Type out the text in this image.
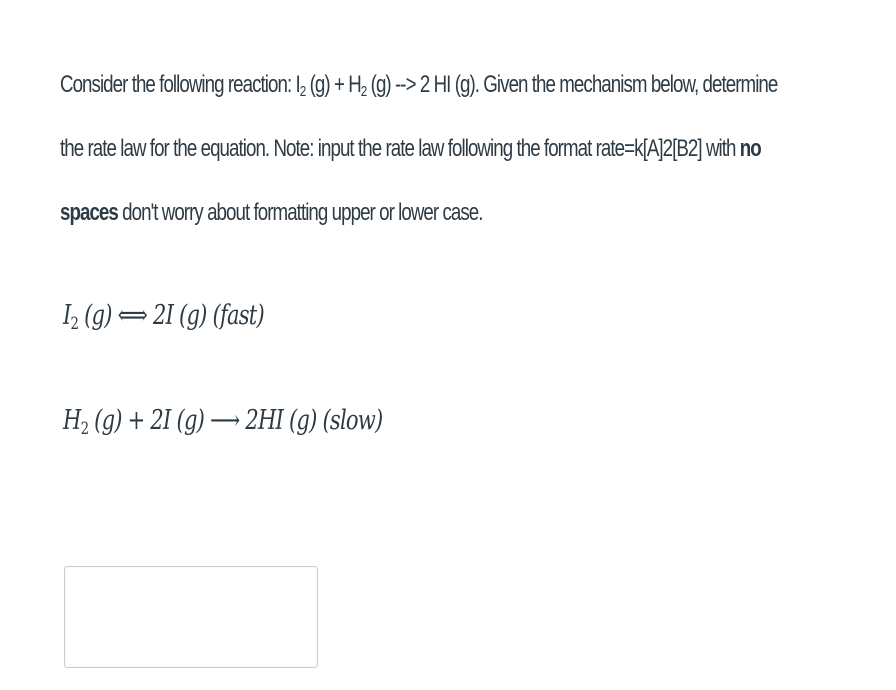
Consider the following reaction: $I_2$ $(g) + H_2$ (g) --> 2 HI (g). Given the mechanism below, determine
the rate law for the equation. Note: input the rate law following the format rate=k[A]2[B2] with no
spaces don't worry about formatting upper or lower case.
$I_2$ (g) ⟺ 2I (g) (fast)
$H_2$ (g) + 2I (g) ⟶ 2HI (g) (slow)
